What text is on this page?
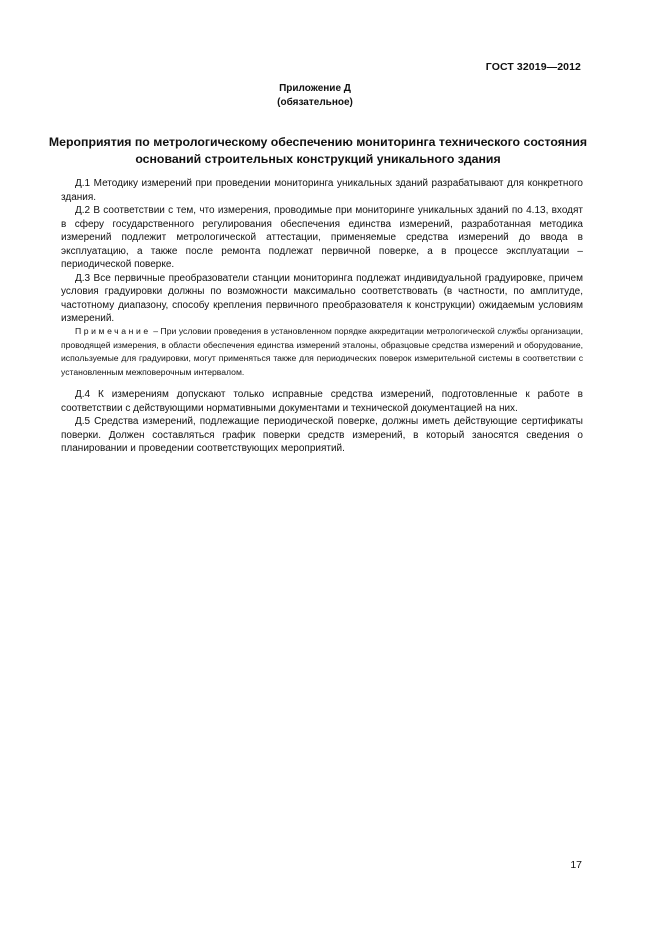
ГОСТ 32019—2012
Приложение Д
(обязательное)
Мероприятия по метрологическому обеспечению мониторинга технического состояния оснований строительных конструкций уникального здания

Д.1 Методику измерений при проведении мониторинга уникальных зданий разрабатывают для конкретного здания.

Д.2 В соответствии с тем, что измерения, проводимые при мониторинге уникальных зданий по 4.13, входят в сферу государственного регулирования обеспечения единства измерений, разработанная методика измерений подлежит метрологической аттестации, применяемые средства измерений до ввода в эксплуатацию, а также после ремонта подлежат первичной поверке, а в процессе эксплуатации – периодической поверке.

Д.3 Все первичные преобразователи станции мониторинга подлежат индивидуальной градуировке, причем условия градуировки должны по возможности максимально соответствовать (в частности, по амплитуде, частотному диапазону, способу крепления первичного преобразователя к конструкции) ожидаемым условиям измерений.

Примечание – При условии проведения в установленном порядке аккредитации метрологической службы организации, проводящей измерения, в области обеспечения единства измерений эталоны, образцовые средства измерений и оборудование, используемые для градуировки, могут применяться также для периодических поверок измерительной системы в соответствии с установленным межповерочным интервалом.

Д.4 К измерениям допускают только исправные средства измерений, подготовленные к работе в соответствии с действующими нормативными документами и технической документацией на них.

Д.5 Средства измерений, подлежащие периодической поверке, должны иметь действующие сертификаты поверки. Должен составляться график поверки средств измерений, в который заносятся сведения о планировании и проведении соответствующих мероприятий.

17
